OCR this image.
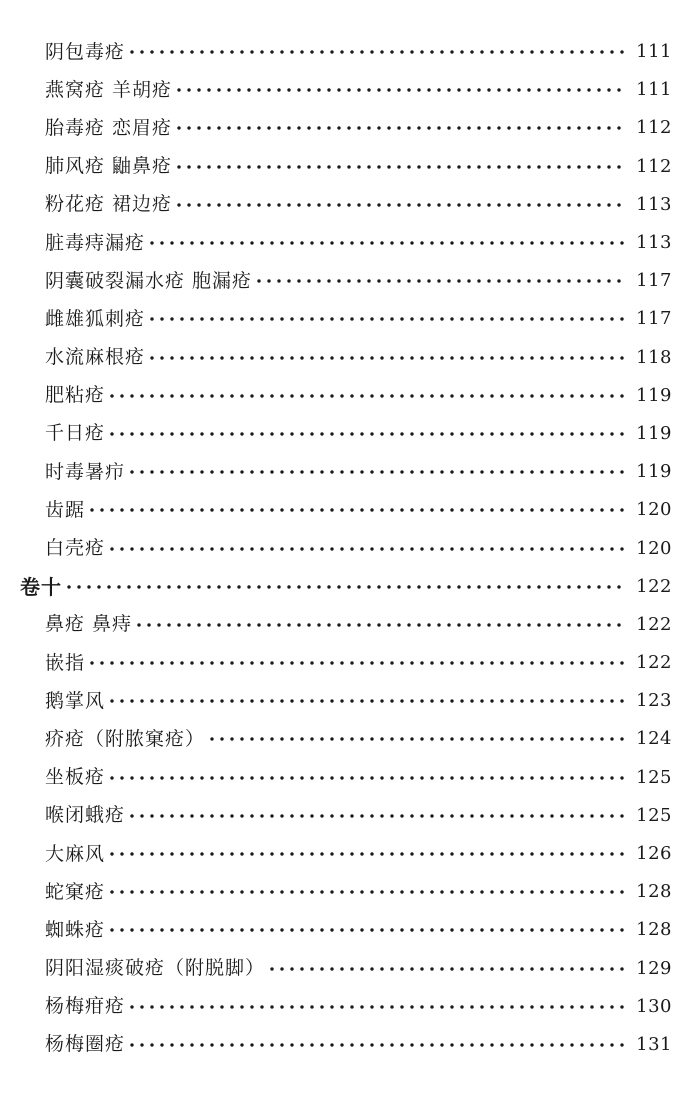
阴包毒疮	111
燕窝疮 羊胡疮	111
胎毒疮 恋眉疮	112
肺风疮 鼬鼻疮	112
粉花疮 裙边疮	113
脏毒痔漏疮	113
阴囊破裂漏水疮 胞漏疮	117
雌雄狐刺疮	117
水流麻根疮	118
肥粘疮	119
千日疮	119
时毒暑疖	119
齿踞	120
白壳疮	120
卷十	122
鼻疮 鼻痔	122
嵌指	122
鹅掌风	123
疥疮（附脓窠疮）	124
坐板疮	125
喉闭蛾疮	125
大麻风	126
蛇窠疮	128
蜘蛛疮	128
阴阳湿痰破疮（附脱脚）	129
杨梅疳疮	130
杨梅圈疮	131
